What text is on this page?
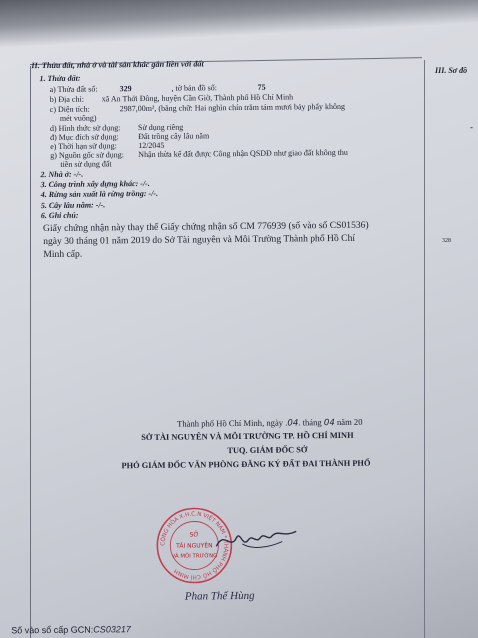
III. Sơ đồ
328
‑
II. Thửa đất, nhà ở và tài sản khác gắn liền với đất
1. Thửa đất:
a) Thửa đất số:	329	, tờ bản đồ số:	75
b) Địa chỉ: xã An Thới Đông, huyện Cần Giờ, Thành phố Hồ Chí Minh
c) Diện tích:	2987,00m², (bằng chữ: Hai nghìn chín trăm tám mươi bảy phẩy không
mét vuông)
d) Hình thức sử dụng: Sử dụng riêng
đ) Mục đích sử dụng: Đất trồng cây lâu năm
e) Thời hạn sử dụng:	12/2045
g) Nguồn gốc sử dụng: Nhận thừa kế đất được Công nhận QSDĐ như giao đất không thu
tiền sử dụng đất
2. Nhà ở: -/-.
3. Công trình xây dựng khác: -/-.
4. Rừng sản xuất là rừng trồng: -/-.
5. Cây lâu năm: -/-.
6. Ghi chú:
Giấy chứng nhận này thay thế Giấy chứng nhận số CM 776939 (số vào số CS01536)
ngày 30 tháng 01 năm 2019 do Sở Tài nguyên và Môi Trường Thành phố Hồ Chí
Minh cấp.
Thành phố Hồ Chí Minh, ngày .04. tháng 04 năm 20
SỞ TÀI NGUYÊN VÀ MÔI TRƯỜNG TP. HỒ CHÍ MINH
TUQ. GIÁM ĐỐC SỞ
PHÓ GIÁM ĐỐC VĂN PHÒNG ĐĂNG KÝ ĐẤT ĐAI THÀNH PHỐ
CỘNG HÒA X.H.C.N VIỆT NAM * THÀNH PHỐ HỒ CHÍ MINH
SỞ
TÀI NGUYÊN
VÀ MÔI TRƯỜNG
Phan Thế Hùng
Số vào sổ cấp GCN:CS03217
